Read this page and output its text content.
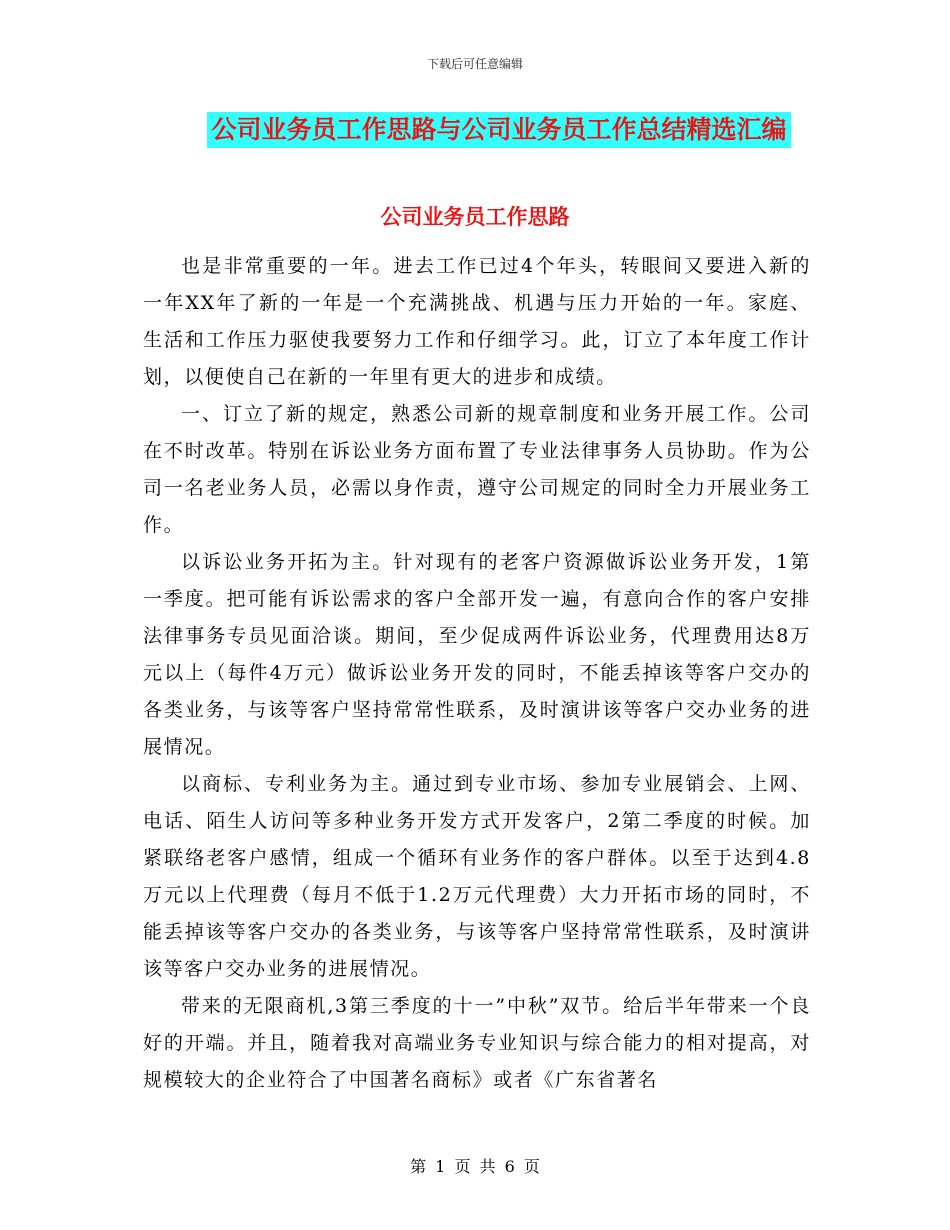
下载后可任意编辑
公司业务员工作思路与公司业务员工作总结精选汇编
公司业务员工作思路

也是非常重要的一年。进去工作已过4个年头，转眼间又要进入新的一年XX年了新的一年是一个充满挑战、机遇与压力开始的一年。家庭、生活和工作压力驱使我要努力工作和仔细学习。此，订立了本年度工作计划，以便使自己在新的一年里有更大的进步和成绩。

一、订立了新的规定，熟悉公司新的规章制度和业务开展工作。公司在不时改革。特别在诉讼业务方面布置了专业法律事务人员协助。作为公司一名老业务人员，必需以身作责，遵守公司规定的同时全力开展业务工作。

以诉讼业务开拓为主。针对现有的老客户资源做诉讼业务开发，1第一季度。把可能有诉讼需求的客户全部开发一遍，有意向合作的客户安排法律事务专员见面洽谈。期间，至少促成两件诉讼业务，代理费用达8万元以上（每件4万元）做诉讼业务开发的同时，不能丢掉该等客户交办的各类业务，与该等客户坚持常常性联系，及时演讲该等客户交办业务的进展情况。

以商标、专利业务为主。通过到专业市场、参加专业展销会、上网、电话、陌生人访问等多种业务开发方式开发客户，2第二季度的时候。加紧联络老客户感情，组成一个循环有业务作的客户群体。以至于达到4.8万元以上代理费（每月不低于1.2万元代理费）大力开拓市场的同时，不能丢掉该等客户交办的各类业务，与该等客户坚持常常性联系，及时演讲该等客户交办业务的进展情况。

带来的无限商机,3第三季度的十一”中秋”双节。给后半年带来一个良好的开端。并且，随着我对高端业务专业知识与综合能力的相对提高，对规模较大的企业符合了中国著名商标》或者《广东省著名

第 1 页 共 6 页
